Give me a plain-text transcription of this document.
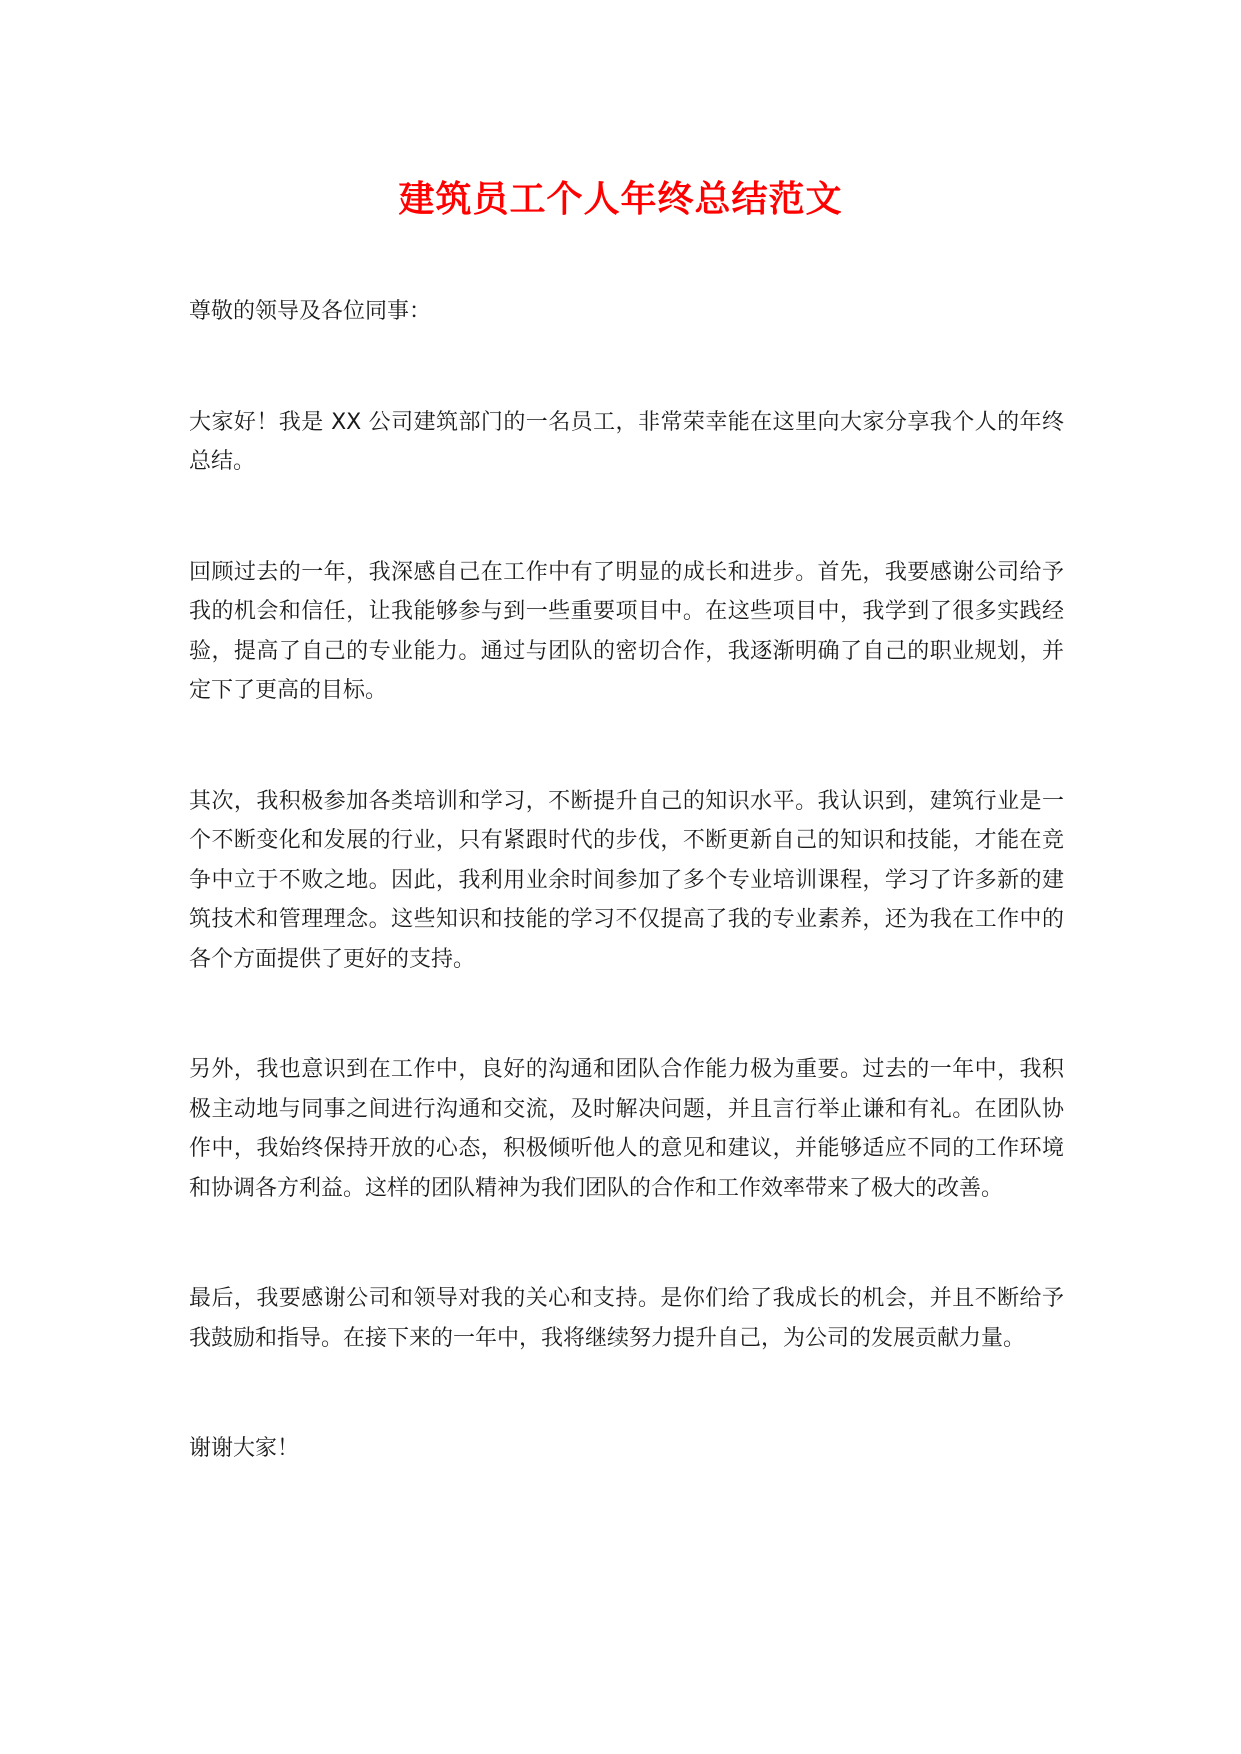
建筑员工个人年终总结范文

尊敬的领导及各位同事：

大家好！我是 XX 公司建筑部门的一名员工，非常荣幸能在这里向大家分享我个人的年终总结。

回顾过去的一年，我深感自己在工作中有了明显的成长和进步。首先，我要感谢公司给予我的机会和信任，让我能够参与到一些重要项目中。在这些项目中，我学到了很多实践经验，提高了自己的专业能力。通过与团队的密切合作，我逐渐明确了自己的职业规划，并定下了更高的目标。

其次，我积极参加各类培训和学习，不断提升自己的知识水平。我认识到，建筑行业是一个不断变化和发展的行业，只有紧跟时代的步伐，不断更新自己的知识和技能，才能在竞争中立于不败之地。因此，我利用业余时间参加了多个专业培训课程，学习了许多新的建筑技术和管理理念。这些知识和技能的学习不仅提高了我的专业素养，还为我在工作中的各个方面提供了更好的支持。

另外，我也意识到在工作中，良好的沟通和团队合作能力极为重要。过去的一年中，我积极主动地与同事之间进行沟通和交流，及时解决问题，并且言行举止谦和有礼。在团队协作中，我始终保持开放的心态，积极倾听他人的意见和建议，并能够适应不同的工作环境和协调各方利益。这样的团队精神为我们团队的合作和工作效率带来了极大的改善。

最后，我要感谢公司和领导对我的关心和支持。是你们给了我成长的机会，并且不断给予我鼓励和指导。在接下来的一年中，我将继续努力提升自己，为公司的发展贡献力量。

谢谢大家！
